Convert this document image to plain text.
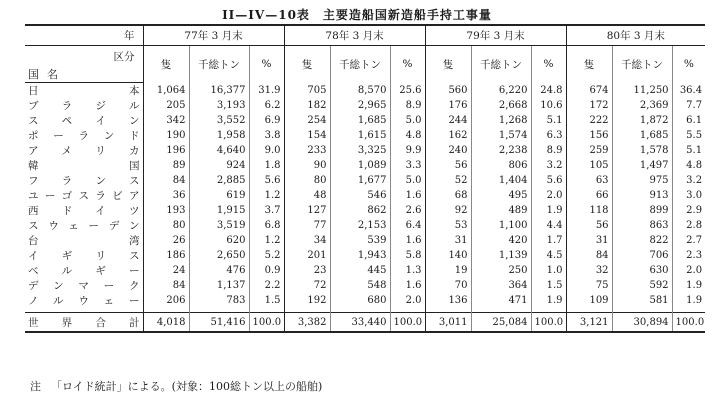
II—IV—10表　主要造船国新造船手持工事量
年	77年 3 月末			78年 3 月末			79年 3 月末			80年 3 月末		
区分	隻	千総トン	%	隻	千総トン	%	隻	千総トン	%	隻	千総トン	%
国名												
日本	1,064	16,377	31.9	705	8,570	25.6	560	6,220	24.8	674	11,250	36.4
ブラジル	205	3,193	6.2	182	2,965	8.9	176	2,668	10.6	172	2,369	7.7
スペイン	342	3,552	6.9	254	1,685	5.0	244	1,268	5.1	222	1,872	6.1
ポーランド	190	1,958	3.8	154	1,615	4.8	162	1,574	6.3	156	1,685	5.5
アメリカ	196	4,640	9.0	233	3,325	9.9	240	2,238	8.9	259	1,578	5.1
韓国	89	924	1.8	90	1,089	3.3	56	806	3.2	105	1,497	4.8
フランス	84	2,885	5.6	80	1,677	5.0	52	1,404	5.6	63	975	3.2
ユーゴスラビア	36	619	1.2	48	546	1.6	68	495	2.0	66	913	3.0
西ドイツ	193	1,915	3.7	127	862	2.6	92	489	1.9	118	899	2.9
スウェーデン	80	3,519	6.8	77	2,153	6.4	53	1,100	4.4	56	863	2.8
台湾	26	620	1.2	34	539	1.6	31	420	1.7	31	822	2.7
イギリス	186	2,650	5.2	201	1,943	5.8	140	1,139	4.5	84	706	2.3
ベルギー	24	476	0.9	23	445	1.3	19	250	1.0	32	630	2.0
デンマーク	84	1,137	2.2	72	548	1.6	70	364	1.5	75	592	1.9
ノルウェー	206	783	1.5	192	680	2.0	136	471	1.9	109	581	1.9

世界合計	4,018	51,416	100.0	3,382	33,440	100.0	3,011	25,084	100.0	3,121	30,894	100.0
注 「ロイド統計」による。(対象：100総トン以上の船舶)
